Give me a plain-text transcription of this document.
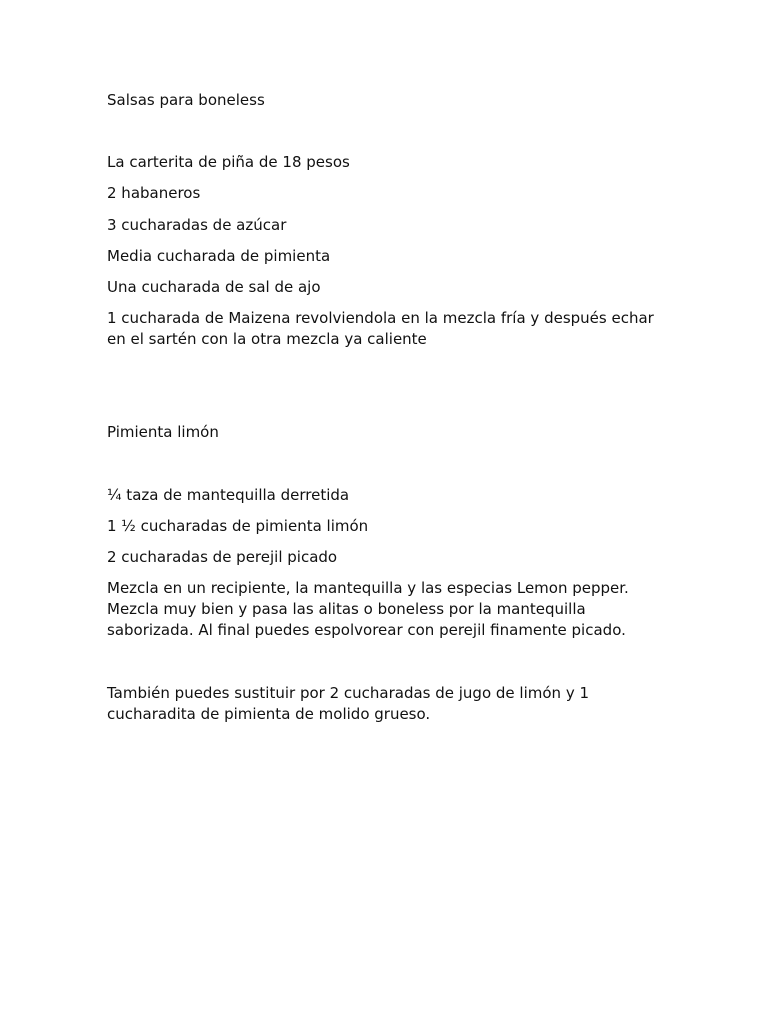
Salsas para boneless

La carterita de piña de 18 pesos

2 habaneros

3 cucharadas de azúcar

Media cucharada de pimienta

Una cucharada de sal de ajo

1 cucharada de Maizena revolviendola en la mezcla fría y después echar en el sartén con la otra mezcla ya caliente

Pimienta limón

¼ taza de mantequilla derretida

1 ½ cucharadas de pimienta limón

2 cucharadas de perejil picado

Mezcla en un recipiente, la mantequilla y las especias Lemon pepper. Mezcla muy bien y pasa las alitas o boneless por la mantequilla saborizada. Al final puedes espolvorear con perejil finamente picado.

También puedes sustituir por 2 cucharadas de jugo de limón y 1 cucharadita de pimienta de molido grueso.
